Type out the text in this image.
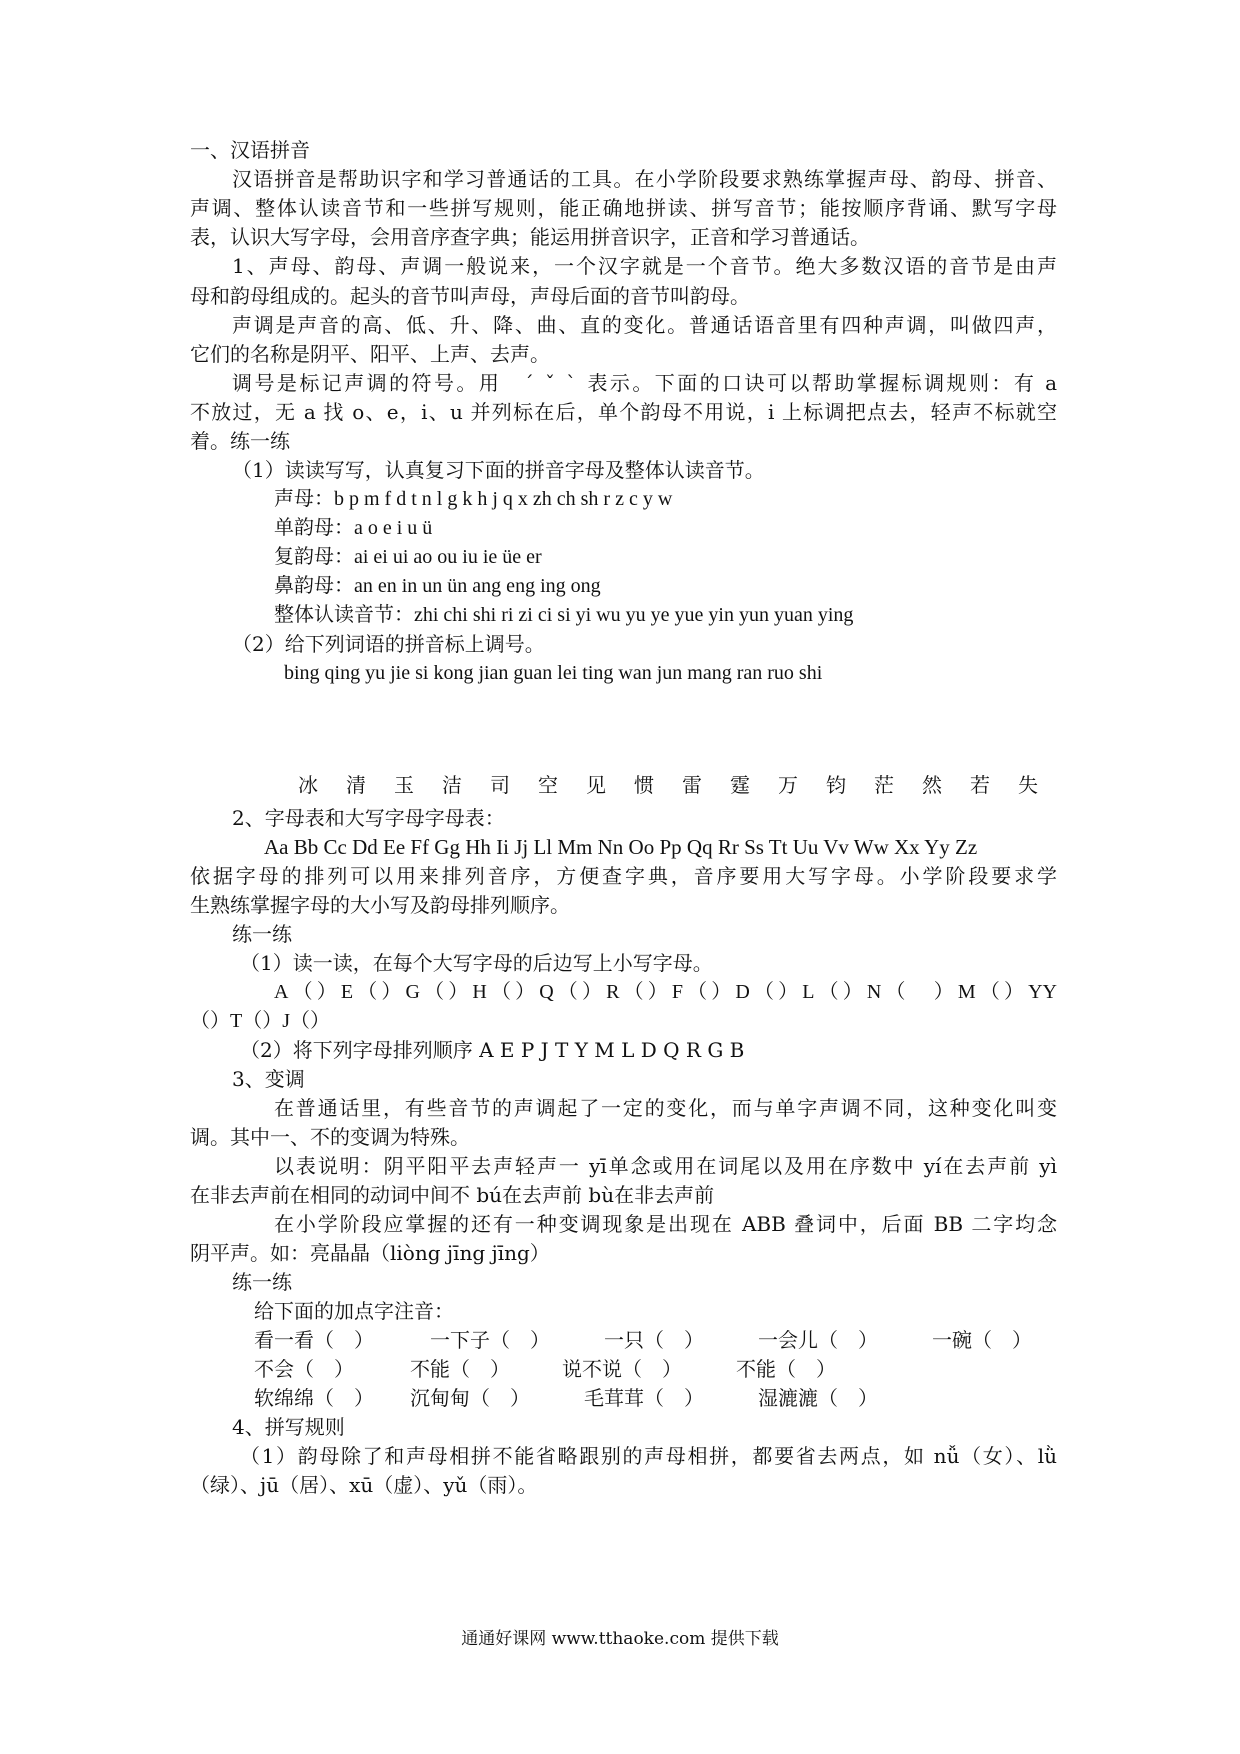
一、汉语拼音
汉语拼音是帮助识字和学习普通话的工具。在小学阶段要求熟练掌握声母、韵母、拼音、
声调、整体认读音节和一些拼写规则，能正确地拼读、拼写音节；能按顺序背诵、默写字母
表，认识大写字母，会用音序查字典；能运用拼音识字，正音和学习普通话。
1、声母、韵母、声调一般说来，一个汉字就是一个音节。绝大多数汉语的音节是由声
母和韵母组成的。起头的音节叫声母，声母后面的音节叫韵母。
声调是声音的高、低、升、降、曲、直的变化。普通话语音里有四种声调，叫做四声，
它们的名称是阴平、阳平、上声、去声。
调号是标记声调的符号。用　ˊ ˇ ˋ 表示。下面的口诀可以帮助掌握标调规则：有 a
不放过，无 a 找 o、e，i、u 并列标在后，单个韵母不用说，i 上标调把点去，轻声不标就空
着。练一练
（1）读读写写，认真复习下面的拼音字母及整体认读音节。
声母：b p m f d t n l g k h j q x zh ch sh r z c y w
单韵母：a o e i u ü
复韵母：ai ei ui ao ou iu ie üe er
鼻韵母：an en in un ün ang eng ing ong
整体认读音节：zhi chi shi ri zi ci si yi wu yu ye yue yin yun yuan ying
（2）给下列词语的拼音标上调号。
bing qing yu jie si kong jian guan lei ting wan jun mang ran ruo shi
冰 清 玉 洁 司 空 见 惯 雷 霆 万 钧 茫 然 若 失
2、字母表和大写字母字母表：
Aa Bb Cc Dd Ee Ff Gg Hh Ii Jj Ll Mm Nn Oo Pp Qq Rr Ss Tt Uu Vv Ww Xx Yy Zz
依据字母的排列可以用来排列音序，方便查字典，音序要用大写字母。小学阶段要求学
生熟练掌握字母的大小写及韵母排列顺序。
练一练
（1）读一读，在每个大写字母的后边写上小写字母。
A（）E（）G（）H（）Q（）R（）F（）D（）L（）N（　）M（）YY
（）T（）J（）
（2）将下列字母排列顺序 A E P J T Y M L D Q R G B
3、变调
在普通话里，有些音节的声调起了一定的变化，而与单字声调不同，这种变化叫变
调。其中一、不的变调为特殊。
以表说明：阴平阳平去声轻声一 yī单念或用在词尾以及用在序数中 yí在去声前 yì
在非去声前在相同的动词中间不 bú在去声前 bù在非去声前
在小学阶段应掌握的还有一种变调现象是出现在 ABB 叠词中，后面 BB 二字均念
阴平声。如：亮晶晶（liòng jīng jīng）
练一练
给下面的加点字注音：
看一看（　）	一下子（　）	一只（　）	一会儿（　）	一碗（　）
不会（　）	不能（　）	说不说（　）	不能（　）
软绵绵（　） 沉甸甸（　）	毛茸茸（　）	湿漉漉（　）
4、拼写规则
（1）韵母除了和声母相拼不能省略跟别的声母相拼，都要省去两点，如 nǚ（女）、lǜ
（绿）、jū（居）、xū（虚）、yǔ（雨）。
通通好课网 www.tthaoke.com 提供下载
